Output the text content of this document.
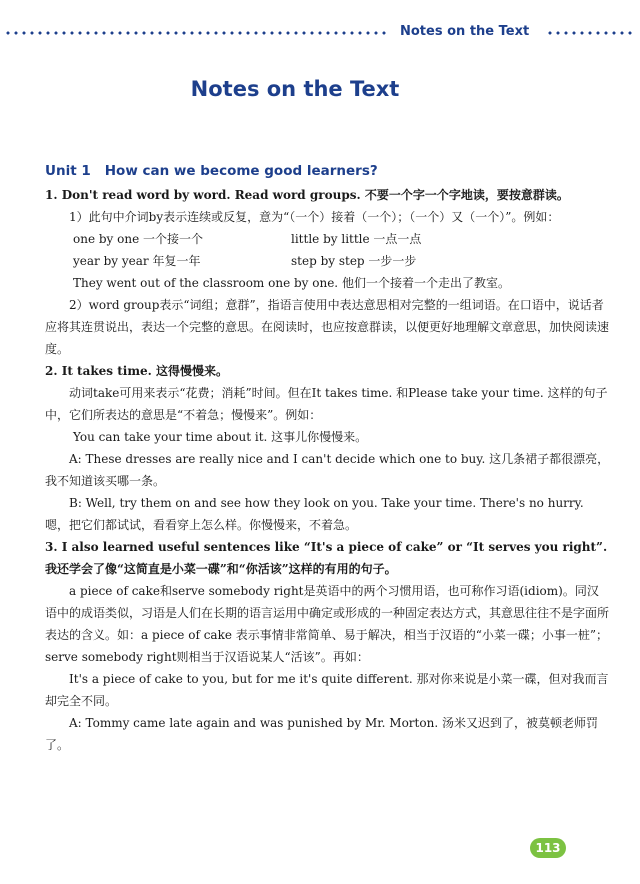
Notes on the Text
Notes on the Text
Unit 1 How can we become good learners?

1. Don't read word by word. Read word groups. 不要一个字一个字地读，要按意群读。

1）此句中介词by表示连续或反复，意为“（一个）接着（一个）；（一个）又（一个）”。例如：

one by one 一个接一个	little by little 一点一点
year by year 年复一年	step by step 一步一步

They went out of the classroom one by one. 他们一个接着一个走出了教室。

2）word group表示“词组；意群”，指语言使用中表达意思相对完整的一组词语。在口语中，说话者应将其连贯说出，表达一个完整的意思。在阅读时，也应按意群读，以便更好地理解文章意思，加快阅读速度。

2. It takes time. 这得慢慢来。

动词take可用来表示“花费；消耗”时间。但在It takes time. 和Please take your time. 这样的句子中，它们所表达的意思是“不着急；慢慢来”。例如：

You can take your time about it. 这事儿你慢慢来。

A: These dresses are really nice and I can't decide which one to buy. 这几条裙子都很漂亮，我不知道该买哪一条。

B: Well, try them on and see how they look on you. Take your time. There's no hurry. 嗯，把它们都试试，看看穿上怎么样。你慢慢来，不着急。

3. I also learned useful sentences like “It's a piece of cake” or “It serves you right”.
我还学会了像“这简直是小菜一碟”和“你活该”这样的有用的句子。

a piece of cake和serve somebody right是英语中的两个习惯用语，也可称作习语(idiom)。同汉语中的成语类似，习语是人们在长期的语言运用中确定或形成的一种固定表达方式，其意思往往不是字面所表达的含义。如：a piece of cake 表示事情非常简单、易于解决，相当于汉语的“小菜一碟；小事一桩”；serve somebody right则相当于汉语说某人“活该”。再如：

It's a piece of cake to you, but for me it's quite different. 那对你来说是小菜一碟，但对我而言却完全不同。

A: Tommy came late again and was punished by Mr. Morton. 汤米又迟到了，被莫顿老师罚了。

113
